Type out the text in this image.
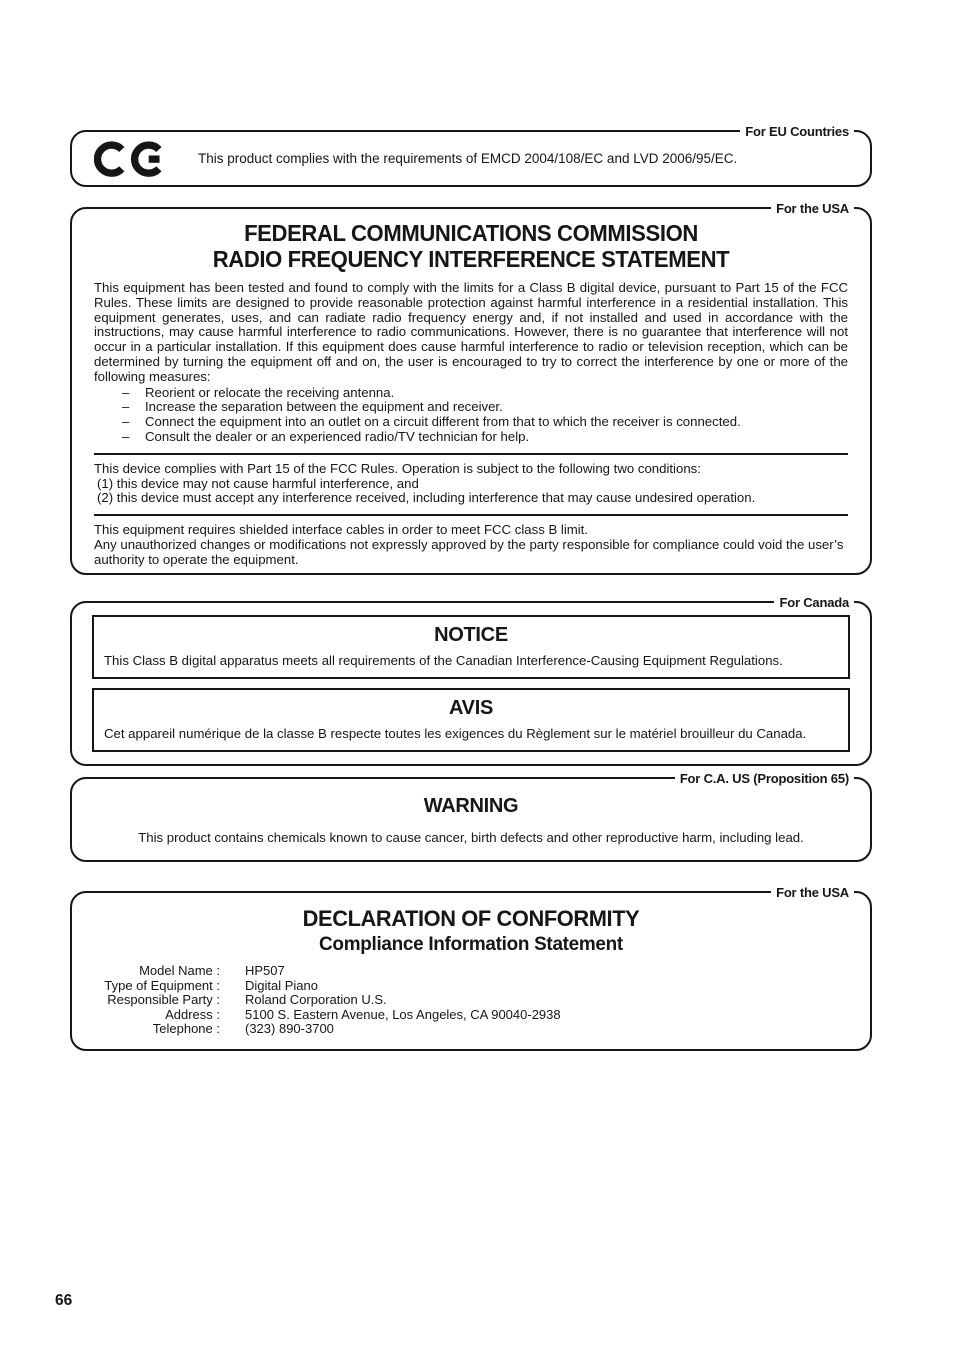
For EU Countries
This product complies with the requirements of EMCD 2004/108/EC and LVD 2006/95/EC.
For the USA
FEDERAL COMMUNICATIONS COMMISSION
RADIO FREQUENCY INTERFERENCE STATEMENT
This equipment has been tested and found to comply with the limits for a Class B digital device, pursuant to Part 15 of the FCC Rules. These limits are designed to provide reasonable protection against harmful interference in a residential installation. This equipment generates, uses, and can radiate radio frequency energy and, if not installed and used in accordance with the instructions, may cause harmful interference to radio communications. However, there is no guarantee that interference will not occur in a particular installation. If this equipment does cause harmful interference to radio or television reception, which can be determined by turning the equipment off and on, the user is encouraged to try to correct the interference by one or more of the following measures:
–	Reorient or relocate the receiving antenna.
–	Increase the separation between the equipment and receiver.
–	Connect the equipment into an outlet on a circuit different from that to which the receiver is connected.
–	Consult the dealer or an experienced radio/TV technician for help.
This device complies with Part 15 of the FCC Rules. Operation is subject to the following two conditions:
(1) this device may not cause harmful interference, and
(2) this device must accept any interference received, including interference that may cause undesired operation.
This equipment requires shielded interface cables in order to meet FCC class B limit.
Any unauthorized changes or modifications not expressly approved by the party responsible for compliance could void the user’s authority to operate the equipment.
For Canada
NOTICE
This Class B digital apparatus meets all requirements of the Canadian Interference-Causing Equipment Regulations.
AVIS
Cet appareil numérique de la classe B respecte toutes les exigences du Règlement sur le matériel brouilleur du Canada.
For C.A. US (Proposition 65)
WARNING
This product contains chemicals known to cause cancer, birth defects and other reproductive harm, including lead.
For the USA
DECLARATION OF CONFORMITY
Compliance Information Statement
Model Name :	HP507
Type of Equipment :	Digital Piano
Responsible Party :	Roland Corporation U.S.
Address :	5100 S. Eastern Avenue, Los Angeles, CA 90040-2938
Telephone :	(323) 890-3700
66
